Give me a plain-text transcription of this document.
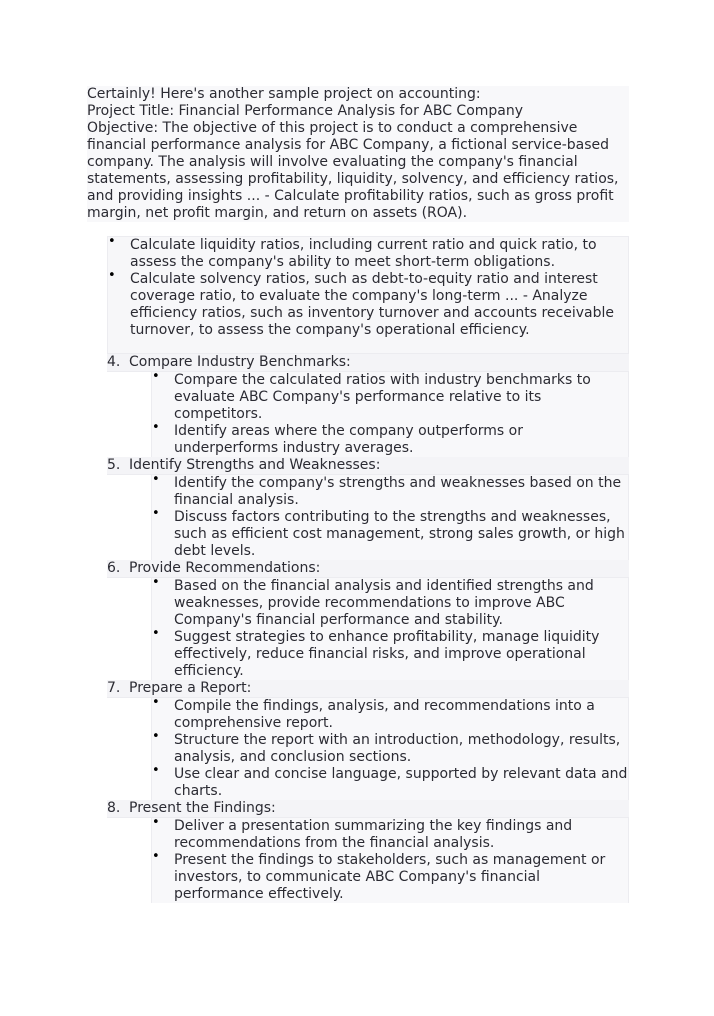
Certainly! Here's another sample project on accounting:

Project Title: Financial Performance Analysis for ABC Company

Objective: The objective of this project is to conduct a comprehensive financial performance analysis for ABC Company, a fictional service-based company. The analysis will involve evaluating the company's financial statements, assessing profitability, liquidity, solvency, and efficiency ratios, and providing insights ... - Calculate profitability ratios, such as gross profit margin, net profit margin, and return on assets (ROA).

• Calculate liquidity ratios, including current ratio and quick ratio, to assess the company's ability to meet short-term obligations.
• Calculate solvency ratios, such as debt-to-equity ratio and interest coverage ratio, to evaluate the company's long-term ... - Analyze efficiency ratios, such as inventory turnover and accounts receivable turnover, to assess the company's operational efficiency.
4. Compare Industry Benchmarks:
• Compare the calculated ratios with industry benchmarks to evaluate ABC Company's performance relative to its competitors.
• Identify areas where the company outperforms or underperforms industry averages.
5. Identify Strengths and Weaknesses:
• Identify the company's strengths and weaknesses based on the financial analysis.
• Discuss factors contributing to the strengths and weaknesses, such as efficient cost management, strong sales growth, or high debt levels.
6. Provide Recommendations:
• Based on the financial analysis and identified strengths and weaknesses, provide recommendations to improve ABC Company's financial performance and stability.
• Suggest strategies to enhance profitability, manage liquidity effectively, reduce financial risks, and improve operational efficiency.
7. Prepare a Report:
• Compile the findings, analysis, and recommendations into a comprehensive report.
• Structure the report with an introduction, methodology, results, analysis, and conclusion sections.
• Use clear and concise language, supported by relevant data and charts.
8. Present the Findings:
• Deliver a presentation summarizing the key findings and recommendations from the financial analysis.
• Present the findings to stakeholders, such as management or investors, to communicate ABC Company's financial performance effectively.
